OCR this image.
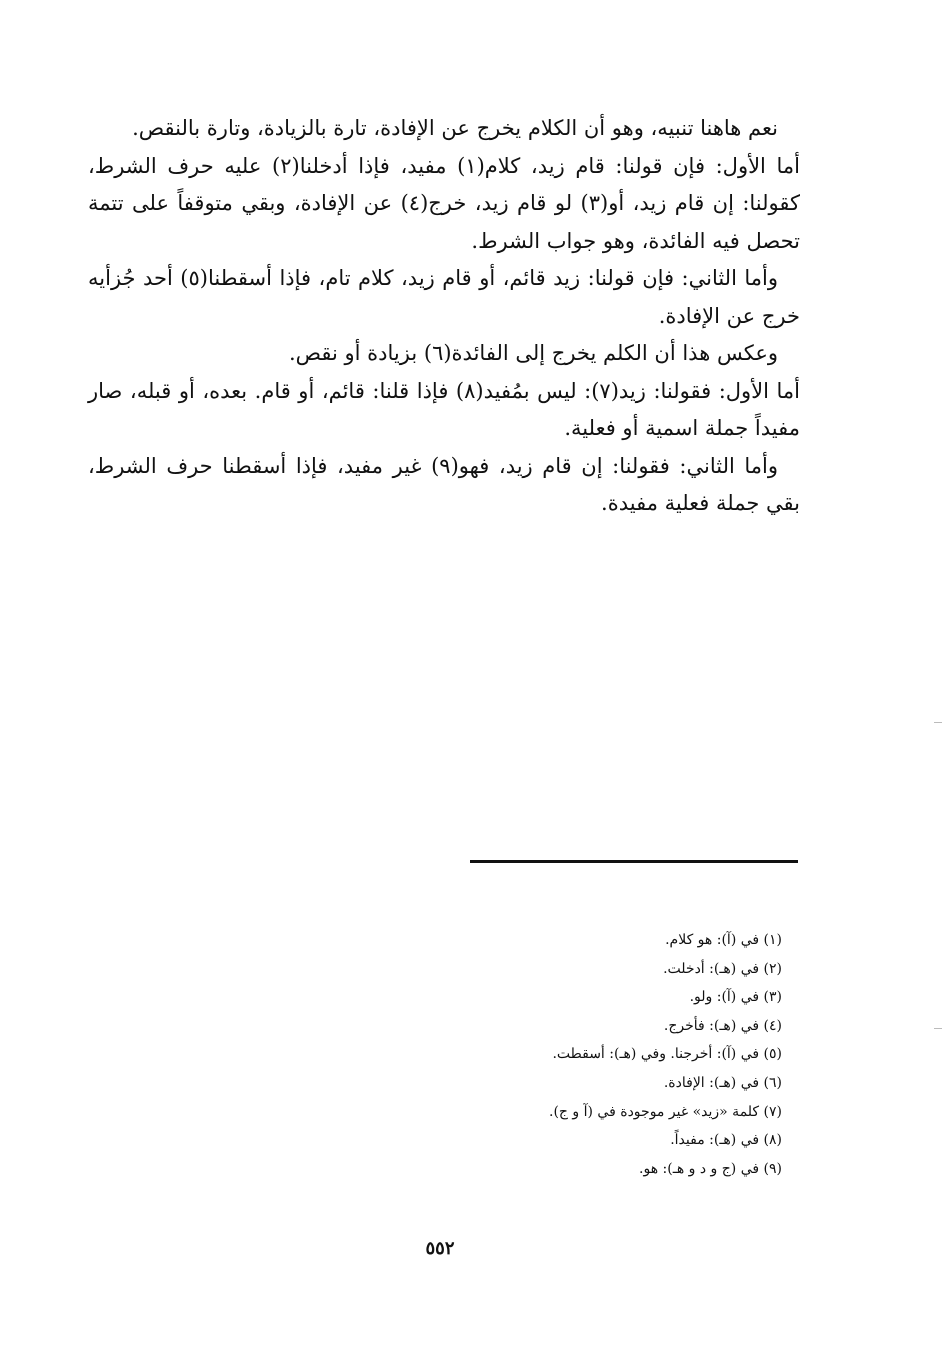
نعم هاهنا تنبيه، وهو أن الكلام يخرج عن الإفادة، تارة بالزيادة، وتارة بالنقص.

أما الأول: فإن قولنا: قام زيد، كلام(١) مفيد، فإذا أدخلنا(٢) عليه حرف الشرط، كقولنا: إن قام زيد، أو(٣) لو قام زيد، خرج(٤) عن الإفادة، وبقي متوقفاً على تتمة تحصل فيه الفائدة، وهو جواب الشرط.

وأما الثاني: فإن قولنا: زيد قائم، أو قام زيد، كلام تام، فإذا أسقطنا(٥) أحد جُزأيه خرج عن الإفادة.

وعكس هذا أن الكلم يخرج إلى الفائدة(٦) بزيادة أو نقص.

أما الأول: فقولنا: زيد(٧): ليس بمُفيد(٨) فإذا قلنا: قائم، أو قام. بعده، أو قبله، صار مفيداً جملة اسمية أو فعلية.

وأما الثاني: فقولنا: إن قام زيد، فهو(٩) غير مفيد، فإذا أسقطنا حرف الشرط، بقي جملة فعلية مفيدة.

(١) في (آ): هو كلام.

(٢) في (هـ): أدخلت.

(٣) في (آ): ولو.

(٤) في (هـ): فأخرج.

(٥) في (آ): أخرجنا. وفي (هـ): أسقطت.

(٦) في (هـ): الإفادة.

(٧) كلمة «زيد» غير موجودة في (آ و ج).

(٨) في (هـ): مفيداً.

(٩) في (ج و د و هـ): هو.

٥٥٢
